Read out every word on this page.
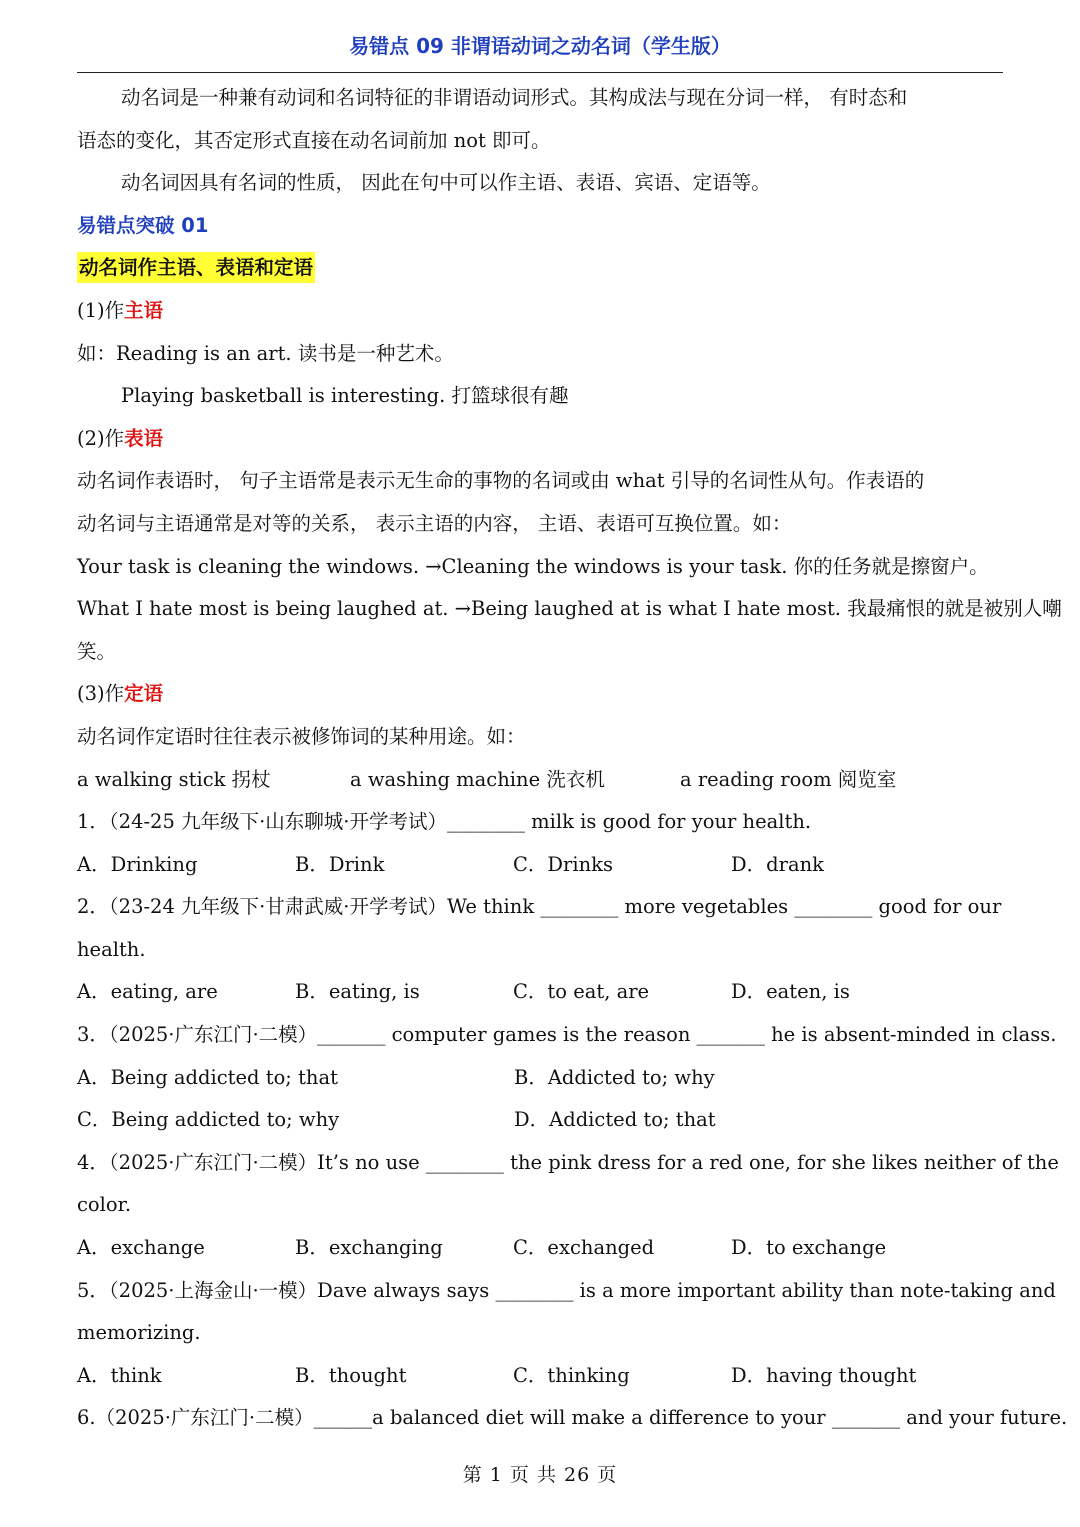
易错点 09 非谓语动词之动名词（学生版）
动名词是一种兼有动词和名词特征的非谓语动词形式。其构成法与现在分词一样， 有时态和
语态的变化，其否定形式直接在动名词前加 not 即可。
动名词因具有名词的性质， 因此在句中可以作主语、表语、宾语、定语等。
易错点突破 01
动名词作主语、表语和定语
(1)作主语
如：Reading is an art. 读书是一种艺术。
Playing basketball is interesting. 打篮球很有趣
(2)作表语
动名词作表语时， 句子主语常是表示无生命的事物的名词或由 what 引导的名词性从句。作表语的
动名词与主语通常是对等的关系， 表示主语的内容， 主语、表语可互换位置。如：
Your task is cleaning the windows. →Cleaning the windows is your task. 你的任务就是擦窗户。
What I hate most is being laughed at. →Being laughed at is what I hate most. 我最痛恨的就是被别人嘲
笑。
(3)作定语
动名词作定语时往往表示被修饰词的某种用途。如：
a walking stick 拐杖	a washing machine 洗衣机	a reading room 阅览室
1．（24-25 九年级下·山东聊城·开学考试）________ milk is good for your health.
A．Drinking	B．Drink	C．Drinks	D．drank
2．（23-24 九年级下·甘肃武威·开学考试）We think ________ more vegetables ________ good for our
health.
A．eating, are	B．eating, is	C．to eat, are	D．eaten, is
3．（2025·广东江门·二模）_______ computer games is the reason _______ he is absent-minded in class.
A．Being addicted to; that	B．Addicted to; why
C．Being addicted to; why	D．Addicted to; that
4．（2025·广东江门·二模）It’s no use ________ the pink dress for a red one, for she likes neither of the
color.
A．exchange	B．exchanging	C．exchanged	D．to exchange
5．（2025·上海金山·一模）Dave always says ________ is a more important ability than note-taking and
memorizing.
A．think	B．thought	C．thinking	D．having thought
6.（2025·广东江门·二模）______a balanced diet will make a difference to your _______ and your future.
第 1 页 共 26 页
